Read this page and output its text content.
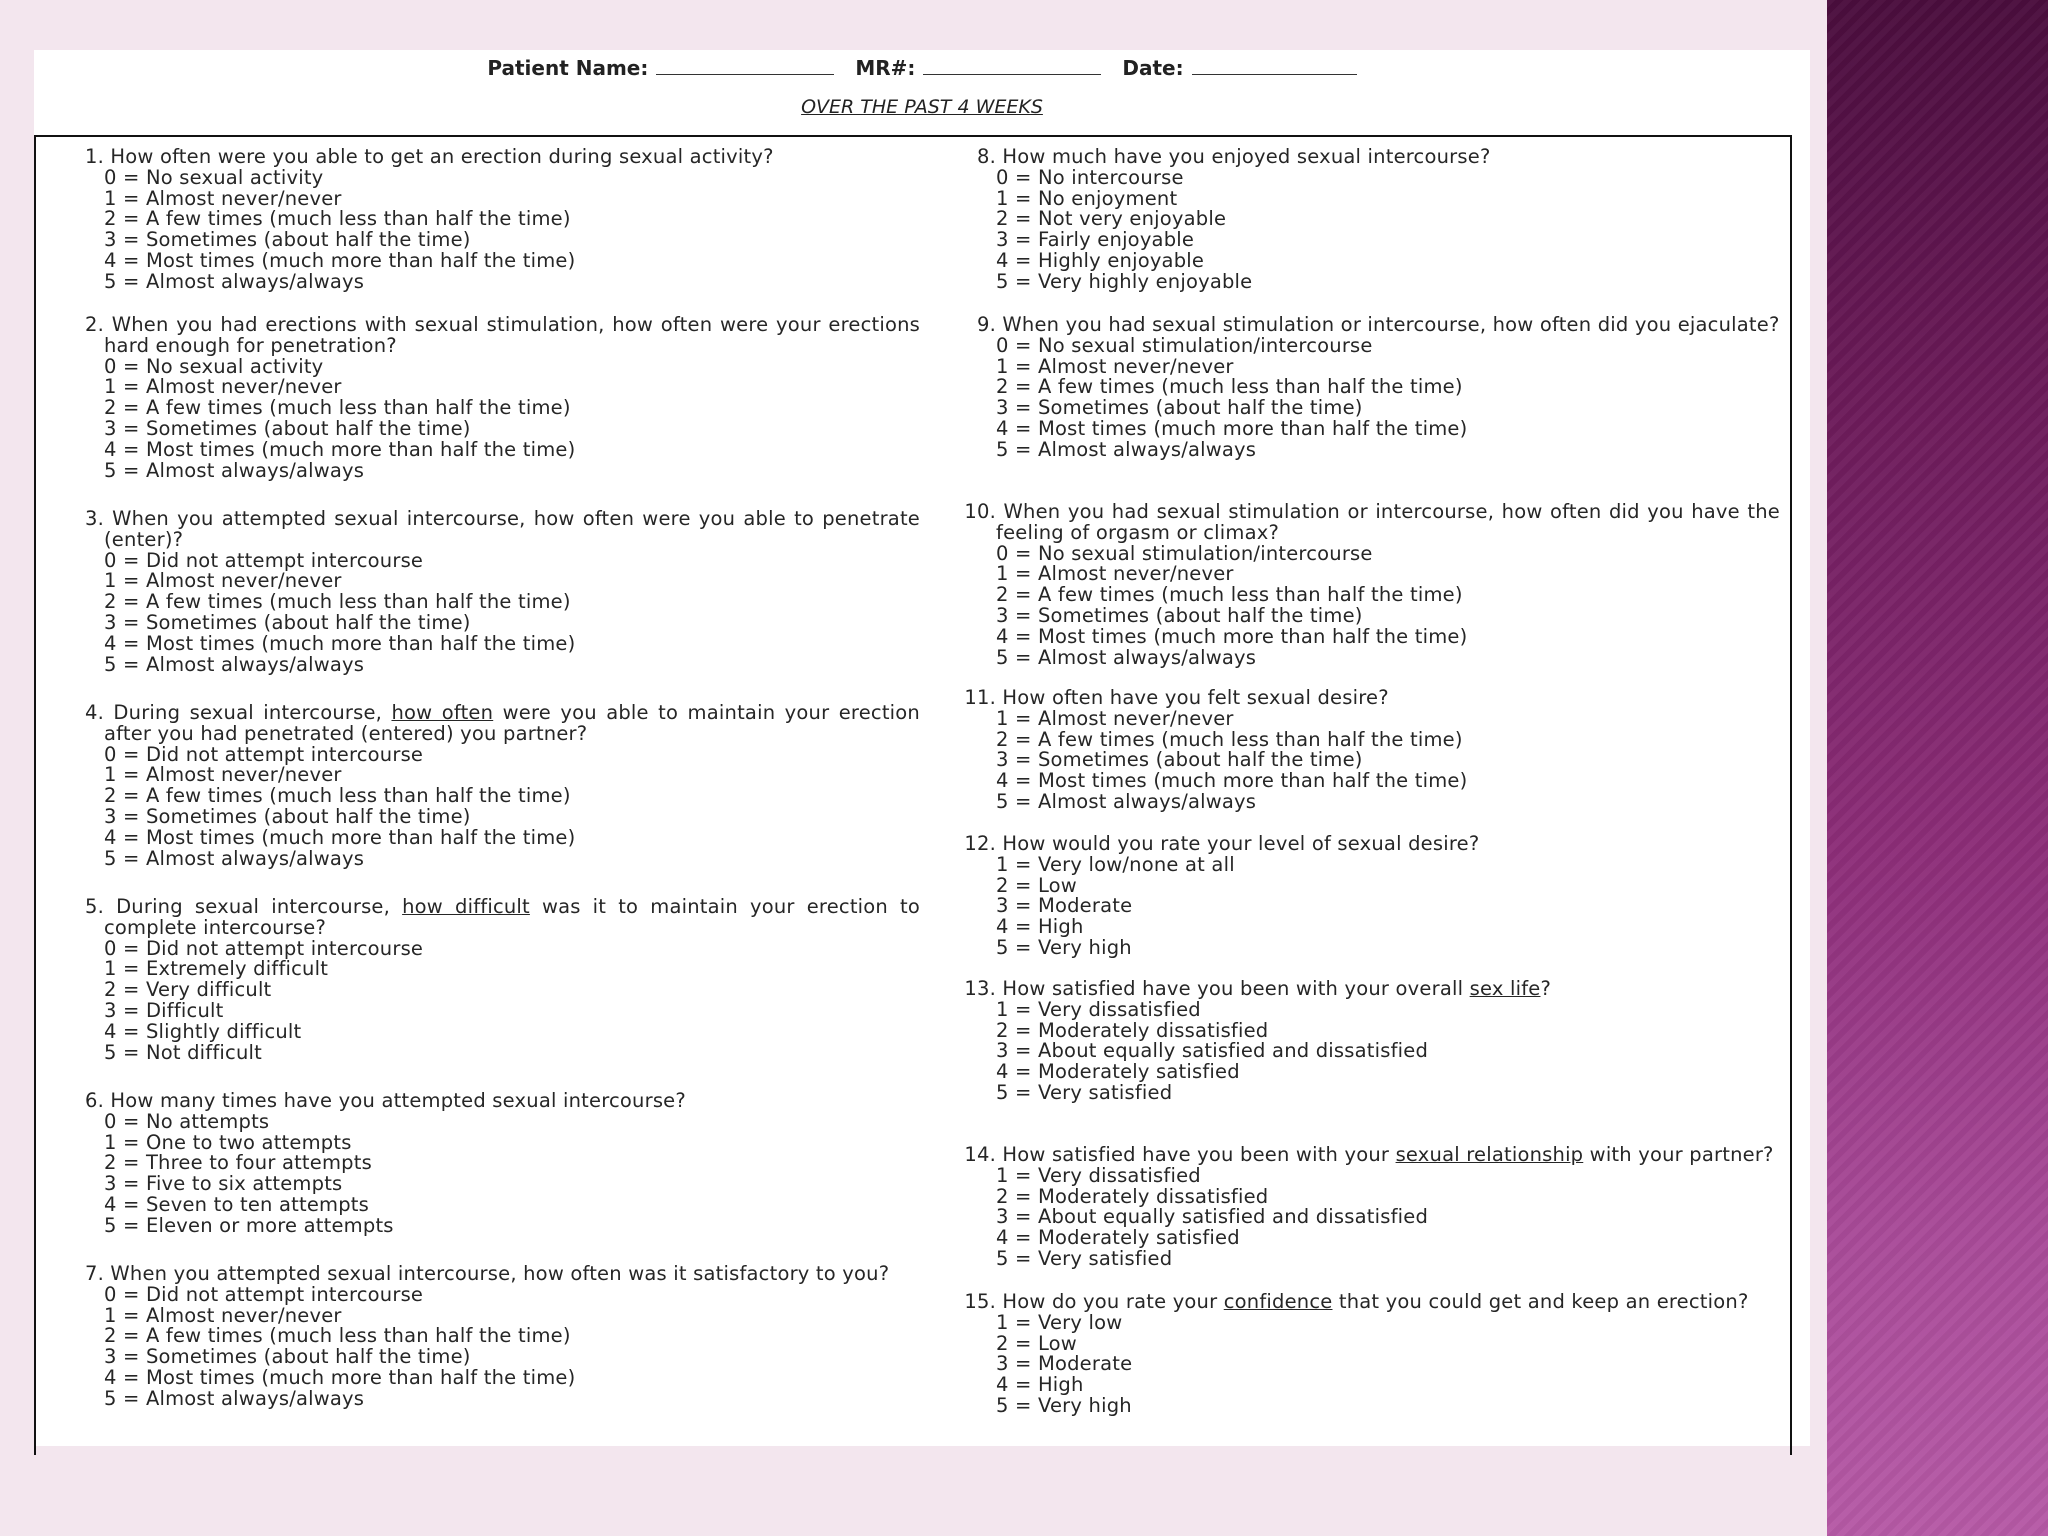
Patient Name:	MR#:	Date:
OVER THE PAST 4 WEEKS
1. How often were you able to get an erection during sexual activity?
0 = No sexual activity
1 = Almost never/never
2 = A few times (much less than half the time)
3 = Sometimes (about half the time)
4 = Most times (much more than half the time)
5 = Almost always/always
2. When you had erections with sexual stimulation, how often were your erections hard enough for penetration?
0 = No sexual activity
1 = Almost never/never
2 = A few times (much less than half the time)
3 = Sometimes (about half the time)
4 = Most times (much more than half the time)
5 = Almost always/always
3. When you attempted sexual intercourse, how often were you able to penetrate (enter)?
0 = Did not attempt intercourse
1 = Almost never/never
2 = A few times (much less than half the time)
3 = Sometimes (about half the time)
4 = Most times (much more than half the time)
5 = Almost always/always
4. During sexual intercourse, how often were you able to maintain your erection after you had penetrated (entered) you partner?
0 = Did not attempt intercourse
1 = Almost never/never
2 = A few times (much less than half the time)
3 = Sometimes (about half the time)
4 = Most times (much more than half the time)
5 = Almost always/always
5. During sexual intercourse, how difficult was it to maintain your erection to complete intercourse?
0 = Did not attempt intercourse
1 = Extremely difficult
2 = Very difficult
3 = Difficult
4 = Slightly difficult
5 = Not difficult
6. How many times have you attempted sexual intercourse?
0 = No attempts
1 = One to two attempts
2 = Three to four attempts
3 = Five to six attempts
4 = Seven to ten attempts
5 = Eleven or more attempts
7. When you attempted sexual intercourse, how often was it satisfactory to you?
0 = Did not attempt intercourse
1 = Almost never/never
2 = A few times (much less than half the time)
3 = Sometimes (about half the time)
4 = Most times (much more than half the time)
5 = Almost always/always
8. How much have you enjoyed sexual intercourse?
0 = No intercourse
1 = No enjoyment
2 = Not very enjoyable
3 = Fairly enjoyable
4 = Highly enjoyable
5 = Very highly enjoyable
9. When you had sexual stimulation or intercourse, how often did you ejaculate?
0 = No sexual stimulation/intercourse
1 = Almost never/never
2 = A few times (much less than half the time)
3 = Sometimes (about half the time)
4 = Most times (much more than half the time)
5 = Almost always/always
10. When you had sexual stimulation or intercourse, how often did you have the feeling of orgasm or climax?
0 = No sexual stimulation/intercourse
1 = Almost never/never
2 = A few times (much less than half the time)
3 = Sometimes (about half the time)
4 = Most times (much more than half the time)
5 = Almost always/always
11. How often have you felt sexual desire?
1 = Almost never/never
2 = A few times (much less than half the time)
3 = Sometimes (about half the time)
4 = Most times (much more than half the time)
5 = Almost always/always
12. How would you rate your level of sexual desire?
1 = Very low/none at all
2 = Low
3 = Moderate
4 = High
5 = Very high
13. How satisfied have you been with your overall sex life?
1 = Very dissatisfied
2 = Moderately dissatisfied
3 = About equally satisfied and dissatisfied
4 = Moderately satisfied
5 = Very satisfied
14. How satisfied have you been with your sexual relationship with your partner?
1 = Very dissatisfied
2 = Moderately dissatisfied
3 = About equally satisfied and dissatisfied
4 = Moderately satisfied
5 = Very satisfied
15. How do you rate your confidence that you could get and keep an erection?
1 = Very low
2 = Low
3 = Moderate
4 = High
5 = Very high
